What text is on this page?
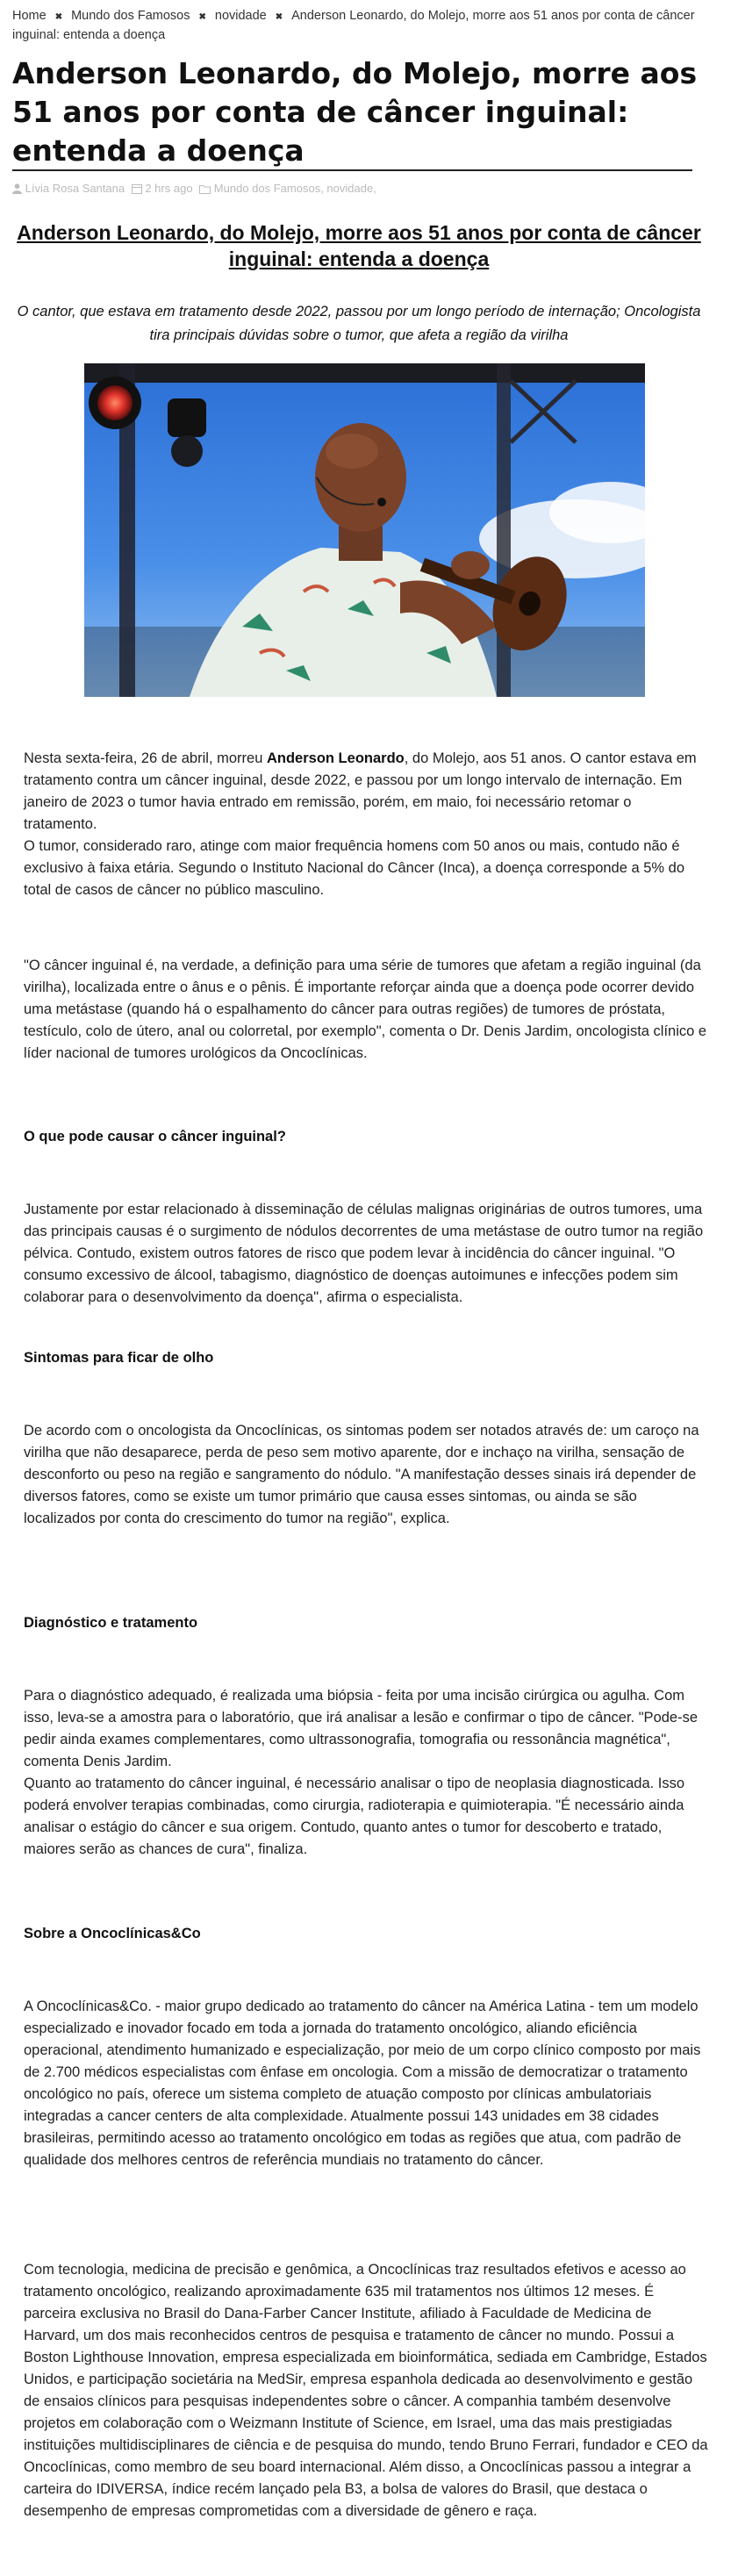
Home ✖ Mundo dos Famosos ✖ novidade ✖ Anderson Leonardo, do Molejo, morre aos 51 anos por conta de câncer inguinal: entenda a doença
Anderson Leonardo, do Molejo, morre aos 51 anos por conta de câncer inguinal: entenda a doença
Lívia Rosa Santana 2 hrs ago Mundo dos Famosos, novidade,
Anderson Leonardo, do Molejo, morre aos 51 anos por conta de câncer inguinal: entenda a doença
O cantor, que estava em tratamento desde 2022, passou por um longo período de internação; Oncologista tira principais dúvidas sobre o tumor, que afeta a região da virilha

Nesta sexta-feira, 26 de abril, morreu Anderson Leonardo, do Molejo, aos 51 anos. O cantor estava em tratamento contra um câncer inguinal, desde 2022, e passou por um longo intervalo de internação. Em janeiro de 2023 o tumor havia entrado em remissão, porém, em maio, foi necessário retomar o tratamento.

O tumor, considerado raro, atinge com maior frequência homens com 50 anos ou mais, contudo não é exclusivo à faixa etária. Segundo o Instituto Nacional do Câncer (Inca), a doença corresponde a 5% do total de casos de câncer no público masculino.

"O câncer inguinal é, na verdade, a definição para uma série de tumores que afetam a região inguinal (da virilha), localizada entre o ânus e o pênis. É importante reforçar ainda que a doença pode ocorrer devido uma metástase (quando há o espalhamento do câncer para outras regiões) de tumores de próstata, testículo, colo de útero, anal ou colorretal, por exemplo", comenta o Dr. Denis Jardim, oncologista clínico e líder nacional de tumores urológicos da Oncoclínicas.

O que pode causar o câncer inguinal?

Justamente por estar relacionado à disseminação de células malignas originárias de outros tumores, uma das principais causas é o surgimento de nódulos decorrentes de uma metástase de outro tumor na região pélvica. Contudo, existem outros fatores de risco que podem levar à incidência do câncer inguinal. "O consumo excessivo de álcool, tabagismo, diagnóstico de doenças autoimunes e infecções podem sim colaborar para o desenvolvimento da doença", afirma o especialista.

Sintomas para ficar de olho

De acordo com o oncologista da Oncoclínicas, os sintomas podem ser notados através de: um caroço na virilha que não desaparece, perda de peso sem motivo aparente, dor e inchaço na virilha, sensação de desconforto ou peso na região e sangramento do nódulo. "A manifestação desses sinais irá depender de diversos fatores, como se existe um tumor primário que causa esses sintomas, ou ainda se são localizados por conta do crescimento do tumor na região", explica.

Diagnóstico e tratamento

Para o diagnóstico adequado, é realizada uma biópsia - feita por uma incisão cirúrgica ou agulha. Com isso, leva-se a amostra para o laboratório, que irá analisar a lesão e confirmar o tipo de câncer. "Pode-se pedir ainda exames complementares, como ultrassonografia, tomografia ou ressonância magnética", comenta Denis Jardim.

Quanto ao tratamento do câncer inguinal, é necessário analisar o tipo de neoplasia diagnosticada. Isso poderá envolver terapias combinadas, como cirurgia, radioterapia e quimioterapia. "É necessário ainda analisar o estágio do câncer e sua origem. Contudo, quanto antes o tumor for descoberto e tratado, maiores serão as chances de cura", finaliza.

Sobre a Oncoclínicas&Co

A Oncoclínicas&Co. - maior grupo dedicado ao tratamento do câncer na América Latina - tem um modelo especializado e inovador focado em toda a jornada do tratamento oncológico, aliando eficiência operacional, atendimento humanizado e especialização, por meio de um corpo clínico composto por mais de 2.700 médicos especialistas com ênfase em oncologia. Com a missão de democratizar o tratamento oncológico no país, oferece um sistema completo de atuação composto por clínicas ambulatoriais integradas a cancer centers de alta complexidade. Atualmente possui 143 unidades em 38 cidades brasileiras, permitindo acesso ao tratamento oncológico em todas as regiões que atua, com padrão de qualidade dos melhores centros de referência mundiais no tratamento do câncer.

Com tecnologia, medicina de precisão e genômica, a Oncoclínicas traz resultados efetivos e acesso ao tratamento oncológico, realizando aproximadamente 635 mil tratamentos nos últimos 12 meses. É parceira exclusiva no Brasil do Dana-Farber Cancer Institute, afiliado à Faculdade de Medicina de Harvard, um dos mais reconhecidos centros de pesquisa e tratamento de câncer no mundo. Possui a Boston Lighthouse Innovation, empresa especializada em bioinformática, sediada em Cambridge, Estados Unidos, e participação societária na MedSir, empresa espanhola dedicada ao desenvolvimento e gestão de ensaios clínicos para pesquisas independentes sobre o câncer. A companhia também desenvolve projetos em colaboração com o Weizmann Institute of Science, em Israel, uma das mais prestigiadas instituições multidisciplinares de ciência e de pesquisa do mundo, tendo Bruno Ferrari, fundador e CEO da Oncoclínicas, como membro de seu board internacional. Além disso, a Oncoclínicas passou a integrar a carteira do IDIVERSA, índice recém lançado pela B3, a bolsa de valores do Brasil, que destaca o desempenho de empresas comprometidas com a diversidade de gênero e raça.
